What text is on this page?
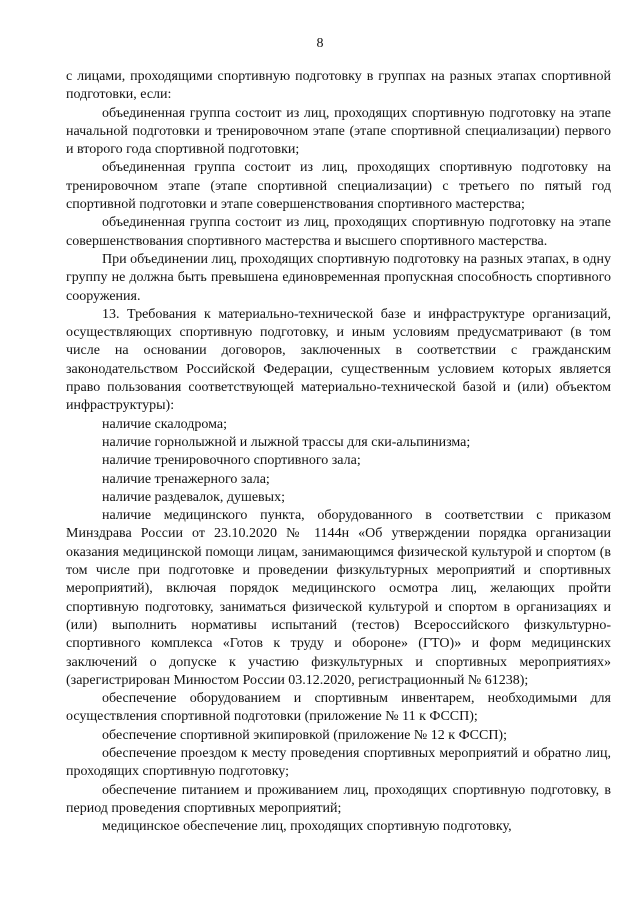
8

с лицами, проходящими спортивную подготовку в группах на разных этапах спортивной подготовки, если:

объединенная группа состоит из лиц, проходящих спортивную подготовку на этапе начальной подготовки и тренировочном этапе (этапе спортивной специализации) первого и второго года спортивной подготовки;

объединенная группа состоит из лиц, проходящих спортивную подготовку на тренировочном этапе (этапе спортивной специализации) с третьего по пятый год спортивной подготовки и этапе совершенствования спортивного мастерства;

объединенная группа состоит из лиц, проходящих спортивную подготовку на этапе совершенствования спортивного мастерства и высшего спортивного мастерства.

При объединении лиц, проходящих спортивную подготовку на разных этапах, в одну группу не должна быть превышена единовременная пропускная способность спортивного сооружения.

13. Требования к материально-технической базе и инфраструктуре организаций, осуществляющих спортивную подготовку, и иным условиям предусматривают (в том числе на основании договоров, заключенных в соответствии с гражданским законодательством Российской Федерации, существенным условием которых является право пользования соответствующей материально-технической базой и (или) объектом инфраструктуры):

наличие скалодрома;

наличие горнолыжной и лыжной трассы для ски-альпинизма;

наличие тренировочного спортивного зала;

наличие тренажерного зала;

наличие раздевалок, душевых;

наличие медицинского пункта, оборудованного в соответствии с приказом Минздрава России от 23.10.2020 № 1144н «Об утверждении порядка организации оказания медицинской помощи лицам, занимающимся физической культурой и спортом (в том числе при подготовке и проведении физкультурных мероприятий и спортивных мероприятий), включая порядок медицинского осмотра лиц, желающих пройти спортивную подготовку, заниматься физической культурой и спортом в организациях и (или) выполнить нормативы испытаний (тестов) Всероссийского физкультурно-спортивного комплекса «Готов к труду и обороне» (ГТО)» и форм медицинских заключений о допуске к участию физкультурных и спортивных мероприятиях» (зарегистрирован Минюстом России 03.12.2020, регистрационный № 61238);

обеспечение оборудованием и спортивным инвентарем, необходимыми для осуществления спортивной подготовки (приложение № 11 к ФССП);

обеспечение спортивной экипировкой (приложение № 12 к ФССП);

обеспечение проездом к месту проведения спортивных мероприятий и обратно лиц, проходящих спортивную подготовку;

обеспечение питанием и проживанием лиц, проходящих спортивную подготовку, в период проведения спортивных мероприятий;

медицинское обеспечение лиц, проходящих спортивную подготовку,
